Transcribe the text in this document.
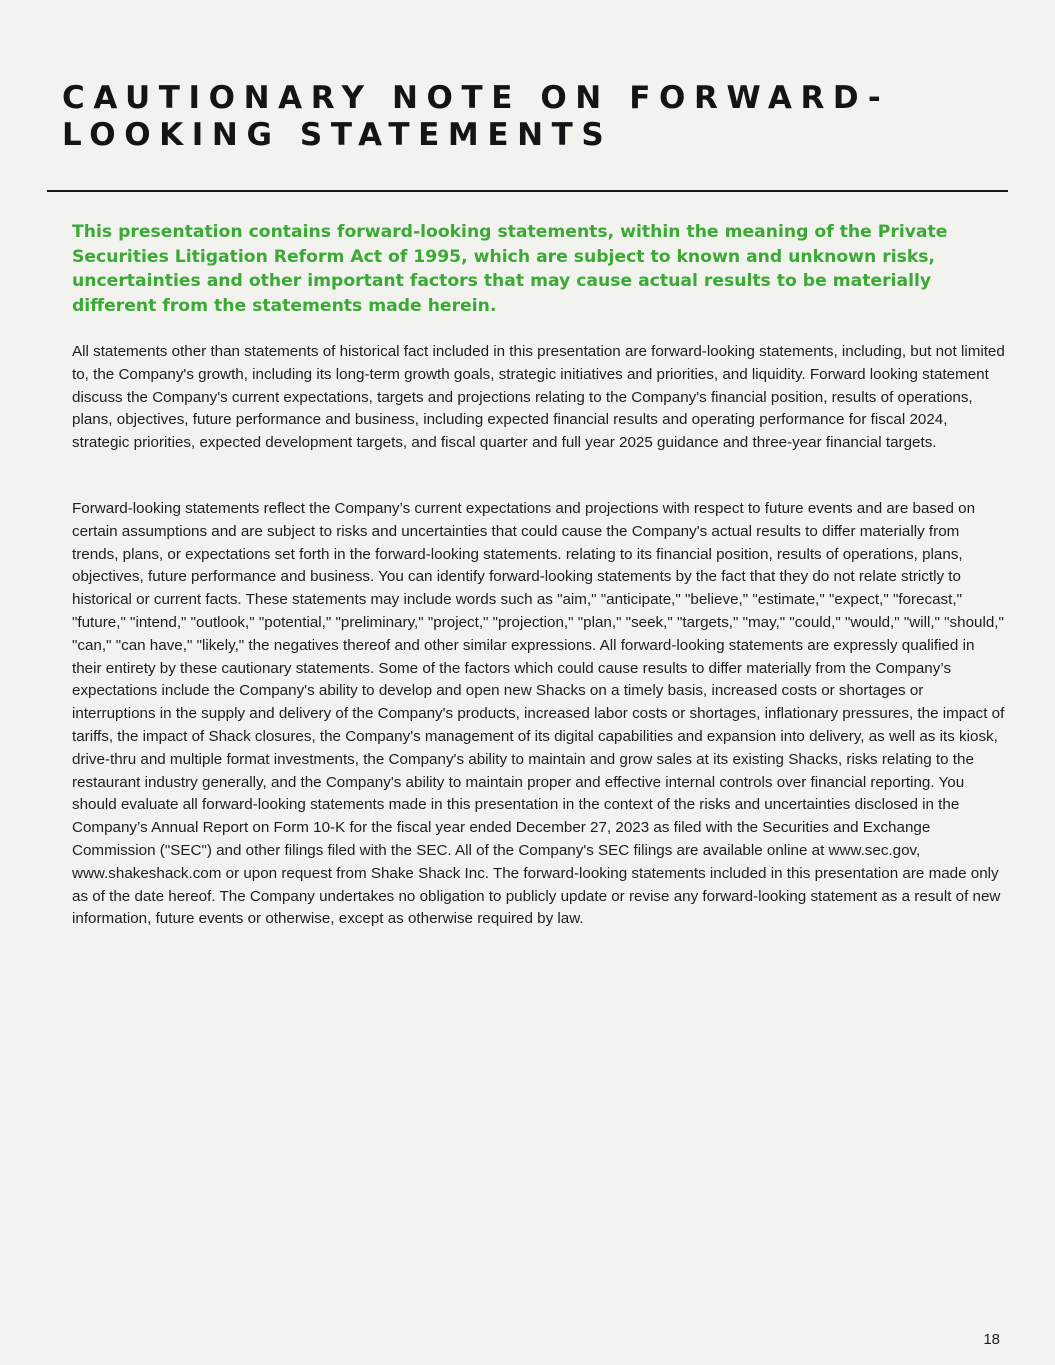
CAUTIONARY NOTE ON FORWARD-LOOKING STATEMENTS

This presentation contains forward-looking statements, within the meaning of the Private Securities Litigation Reform Act of 1995, which are subject to known and unknown risks, uncertainties and other important factors that may cause actual results to be materially different from the statements made herein.

All statements other than statements of historical fact included in this presentation are forward-looking statements, including, but not limited to, the Company's growth, including its long-term growth goals, strategic initiatives and priorities, and liquidity. Forward looking statement discuss the Company's current expectations, targets and projections relating to the Company's financial position, results of operations, plans, objectives, future performance and business, including expected financial results and operating performance for fiscal 2024, strategic priorities, expected development targets, and fiscal quarter and full year 2025 guidance and three-year financial targets.

Forward-looking statements reflect the Company’s current expectations and projections with respect to future events and are based on certain assumptions and are subject to risks and uncertainties that could cause the Company's actual results to differ materially from trends, plans, or expectations set forth in the forward-looking statements. relating to its financial position, results of operations, plans, objectives, future performance and business. You can identify forward-looking statements by the fact that they do not relate strictly to historical or current facts. These statements may include words such as "aim," "anticipate," "believe," "estimate," "expect," "forecast," "future," "intend," "outlook," "potential," "preliminary," "project," "projection," "plan," "seek," "targets," "may," "could," "would," "will," "should," "can," "can have," "likely," the negatives thereof and other similar expressions. All forward-looking statements are expressly qualified in their entirety by these cautionary statements. Some of the factors which could cause results to differ materially from the Company’s expectations include the Company's ability to develop and open new Shacks on a timely basis, increased costs or shortages or interruptions in the supply and delivery of the Company's products, increased labor costs or shortages, inflationary pressures, the impact of tariffs, the impact of Shack closures, the Company's management of its digital capabilities and expansion into delivery, as well as its kiosk, drive-thru and multiple format investments, the Company's ability to maintain and grow sales at its existing Shacks, risks relating to the restaurant industry generally, and the Company's ability to maintain proper and effective internal controls over financial reporting. You should evaluate all forward-looking statements made in this presentation in the context of the risks and uncertainties disclosed in the Company’s Annual Report on Form 10-K for the fiscal year ended December 27, 2023 as filed with the Securities and Exchange Commission ("SEC") and other filings filed with the SEC. All of the Company's SEC filings are available online at www.sec.gov, www.shakeshack.com or upon request from Shake Shack Inc. The forward-looking statements included in this presentation are made only as of the date hereof. The Company undertakes no obligation to publicly update or revise any forward-looking statement as a result of new information, future events or otherwise, except as otherwise required by law.

18
